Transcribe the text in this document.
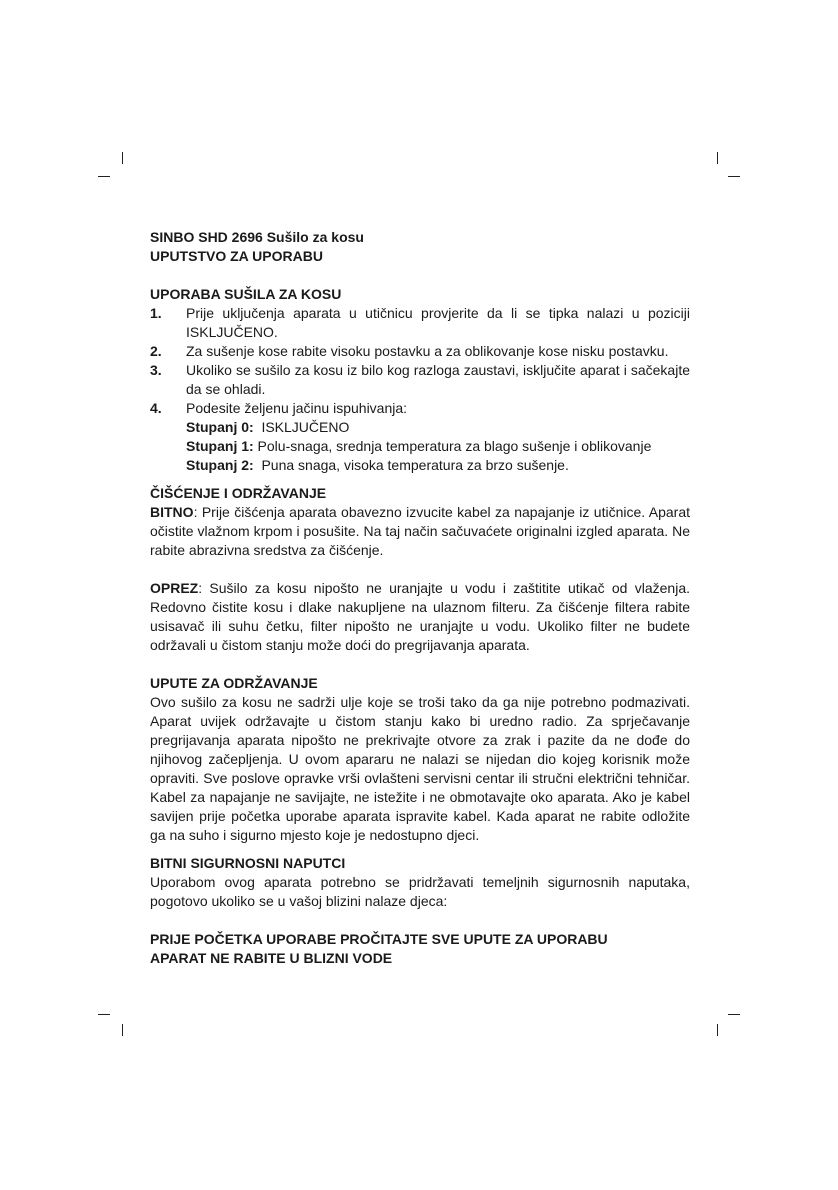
SINBO SHD 2696 Sušilo za kosu
UPUTSTVO ZA UPORABU
UPORABA SUŠILA ZA KOSU
1.	Prije uključenja aparata u utičnicu provjerite da li se tipka nalazi u poziciji ISKLJUČENO.
2.	Za sušenje kose rabite visoku postavku a za oblikovanje kose nisku postavku.
3.	Ukoliko se sušilo za kosu iz bilo kog razloga zaustavi, isključite aparat i sačekajte da se ohladi.
4.	Podesite željenu jačinu ispuhivanja:
Stupanj 0:  ISKLJUČENO
Stupanj 1: Polu-snaga, srednja temperatura za blago sušenje i oblikovanje
Stupanj 2:  Puna snaga, visoka temperatura za brzo sušenje.
ČIŠĆENJE I ODRŽAVANJE
BITNO: Prije čišćenja aparata obavezno izvucite kabel za napajanje iz utičnice. Aparat očistite vlažnom krpom i posušite. Na taj način sačuvaćete originalni izgled aparata. Ne rabite abrazivna sredstva za čišćenje.
OPREZ: Sušilo za kosu nipošto ne uranjajte u vodu i zaštitite utikač od vlaženja. Redovno čistite kosu i dlake nakupljene na ulaznom filteru. Za čišćenje filtera rabite usisavač ili suhu četku, filter nipošto ne uranjajte u vodu. Ukoliko filter ne budete održavali u čistom stanju može doći do pregrijavanja aparata.
UPUTE ZA ODRŽAVANJE
Ovo sušilo za kosu ne sadrži ulje koje se troši tako da ga nije potrebno podmazivati. Aparat uvijek održavajte u čistom stanju kako bi uredno radio. Za sprječavanje pregrijavanja aparata nipošto ne prekrivajte otvore za zrak i pazite da ne dođe do njihovog začepljenja. U ovom apararu ne nalazi se nijedan dio kojeg korisnik može opraviti. Sve poslove opravke vrši ovlašteni servisni centar ili stručni električni tehničar. Kabel za napajanje ne savijajte, ne istežite i ne obmotavajte oko aparata. Ako je kabel savijen prije početka uporabe aparata ispravite kabel. Kada aparat ne rabite odložite ga na suho i sigurno mjesto koje je nedostupno djeci.
BITNI SIGURNOSNI NAPUTCI
Uporabom ovog aparata potrebno se pridržavati temeljnih sigurnosnih naputaka, pogotovo ukoliko se u vašoj blizini nalaze djeca:
PRIJE POČETKA UPORABE PROČITAJTE SVE UPUTE ZA UPORABU
APARAT NE RABITE U BLIZNI VODE
